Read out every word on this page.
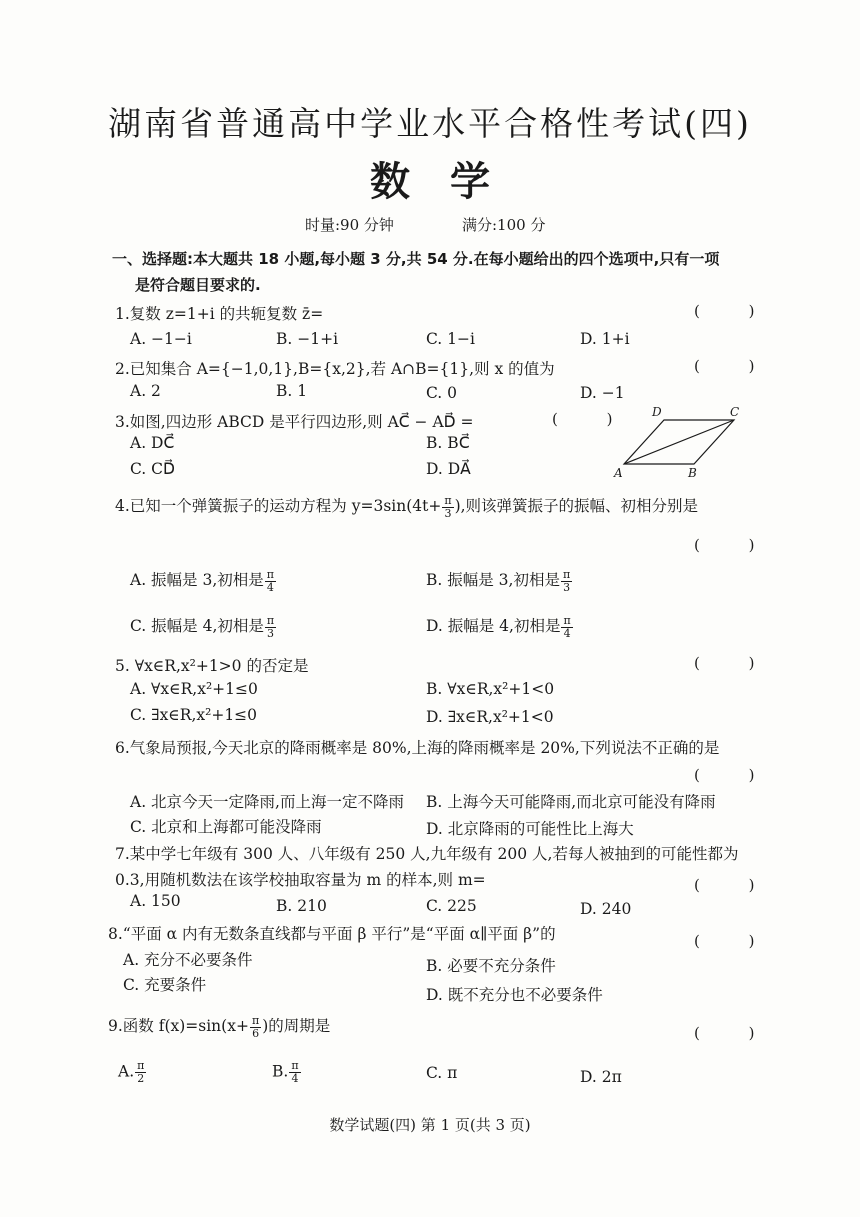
湖南省普通高中学业水平合格性考试(四)
数学
时量:90 分钟	满分:100 分
一、选择题:本大题共 18 小题,每小题 3 分,共 54 分.在每小题给出的四个选项中,只有一项
是符合题目要求的.
1.复数 z=1+i 的共轭复数 z̄=	( )
A. −1−i	B. −1+i	C. 1−i	D. 1+i
2.已知集合 A={−1,0,1},B={x,2},若 A∩B={1},则 x 的值为	( )
A. 2	B. 1	C. 0	D. −1
3.如图,四边形 ABCD 是平行四边形,则 AC⃗ − AD⃗ =	( )
A. DC⃗	B. BC⃗
C. CD⃗	D. DA⃗	A	B
C
D
4.已知一个弹簧振子的运动方程为 $y=3\sin(4t+ \frac{\pi}{3}$ ),则该弹簧振子的振幅、初相分别是
( )
A. 振幅是 3,初相是 $\frac{\pi}{4}$	B. 振幅是 3,初相是 $\frac{\pi}{3}$
C. 振幅是 4,初相是 $\frac{\pi}{3}$	D. 振幅是 4,初相是 $\frac{\pi}{4}$
5. ∀x∈R,x²+1>0 的否定是	( )
A. ∀x∈R,x²+1≤0	B. ∀x∈R,x²+1<0
C. ∃x∈R,x²+1≤0	D. ∃x∈R,x²+1<0
6.气象局预报,今天北京的降雨概率是 80%,上海的降雨概率是 20%,下列说法不正确的是
( )
A. 北京今天一定降雨,而上海一定不降雨 B. 上海今天可能降雨,而北京可能没有降雨
C. 北京和上海都可能没降雨	D. 北京降雨的可能性比上海大
7.某中学七年级有 300 人、八年级有 250 人,九年级有 200 人,若每人被抽到的可能性都为
0.3,用随机数法在该学校抽取容量为 m 的样本,则 m=	( )
A. 150	B. 210	C. 225	D. 240
8.“平面 α 内有无数条直线都与平面 β 平行”是“平面 α∥平面 β”的	( )
A. 充分不必要条件	B. 必要不充分条件
C. 充要条件
D. 既不充分也不必要条件
9.函数 $f(x)=\sin(x+ \frac{\pi}{6}$ )的周期是	( )
A. $\frac{\pi}{2}$	B. $\frac{\pi}{4}$	C. π	D. 2π
数学试题(四) 第 1 页(共 3 页)
